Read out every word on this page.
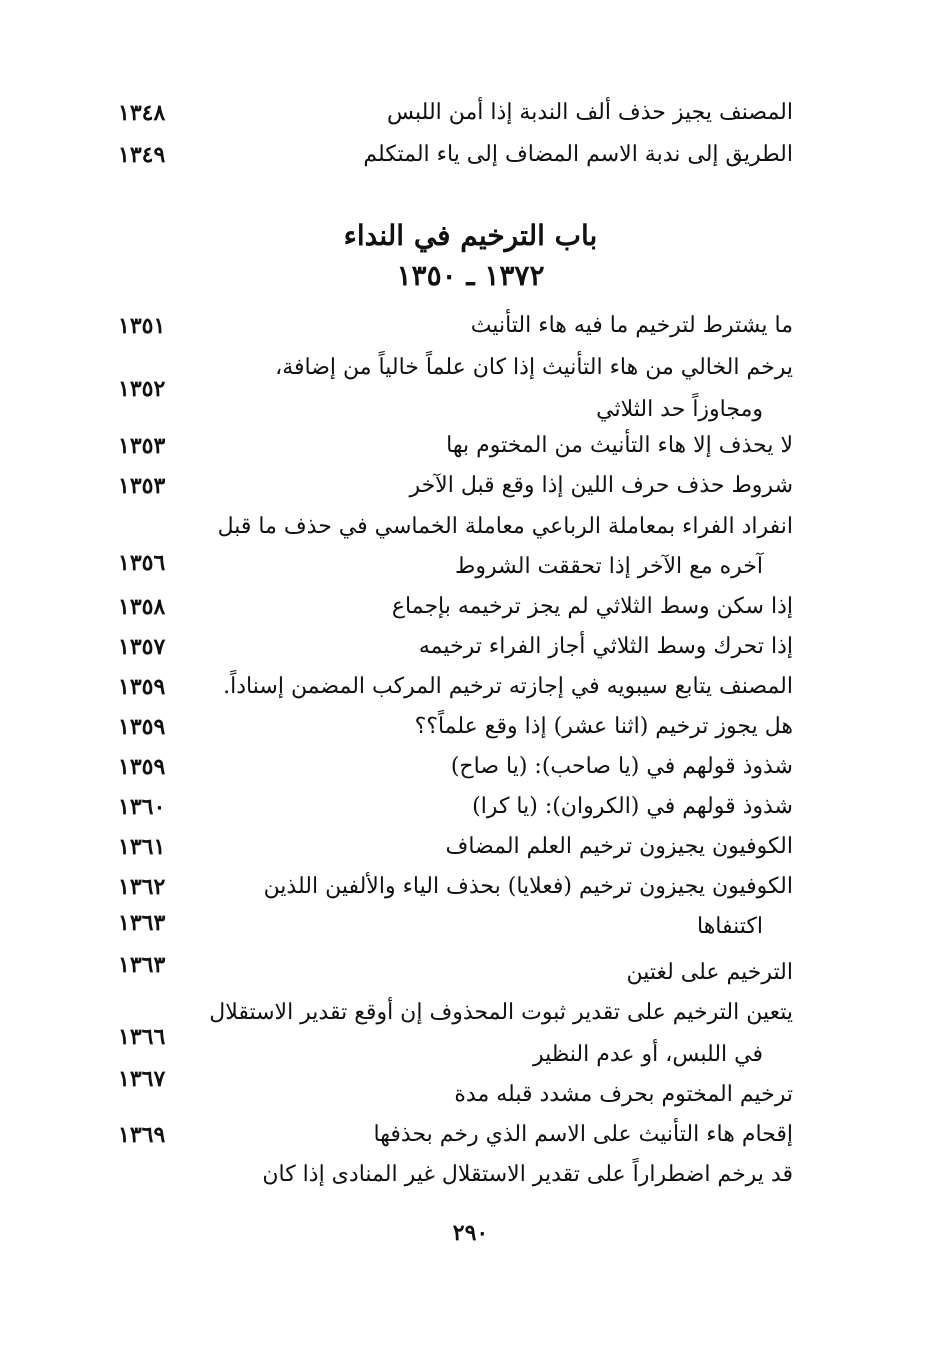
المصنف يجيز حذف ألف الندبة إذا أمن اللبس
١٣٤٨
الطريق إلى ندبة الاسم المضاف إلى ياء المتكلم
١٣٤٩
باب الترخيم في النداء
١٣٧٢ ـ ١٣٥٠
ما يشترط لترخيم ما فيه هاء التأنيث
١٣٥١
يرخم الخالي من هاء التأنيث إذا كان علماً خالياً من إضافة،
ومجاوزاً حد الثلاثي
١٣٥٢
لا يحذف إلا هاء التأنيث من المختوم بها
١٣٥٣
شروط حذف حرف اللين إذا وقع قبل الآخر
١٣٥٣
انفراد الفراء بمعاملة الرباعي معاملة الخماسي في حذف ما قبل
آخره مع الآخر إذا تحققت الشروط
١٣٥٦
إذا سكن وسط الثلاثي لم يجز ترخيمه بإجماع
١٣٥٨
إذا تحرك وسط الثلاثي أجاز الفراء ترخيمه
١٣٥٧
المصنف يتابع سيبويه في إجازته ترخيم المركب المضمن إسناداً.
١٣٥٩
هل يجوز ترخيم (اثنا عشر) إذا وقع علماً؟؟
١٣٥٩
شذوذ قولهم في (يا صاحب): (يا صاح)
١٣٥٩
شذوذ قولهم في (الكروان): (يا كرا)
١٣٦٠
الكوفيون يجيزون ترخيم العلم المضاف
١٣٦١
الكوفيون يجيزون ترخيم (فعلايا) بحذف الياء والألفين اللذين
١٣٦٢
اكتنفاها
١٣٦٣
١٣٦٣	الترخيم على لغتين
يتعين الترخيم على تقدير ثبوت المحذوف إن أوقع تقدير الاستقلال
١٣٦٦
في اللبس، أو عدم النظير
١٣٦٧
ترخيم المختوم بحرف مشدد قبله مدة
إقحام هاء التأنيث على الاسم الذي رخم بحذفها
١٣٦٩
قد يرخم اضطراراً على تقدير الاستقلال غير المنادى إذا كان
٢٩٠
